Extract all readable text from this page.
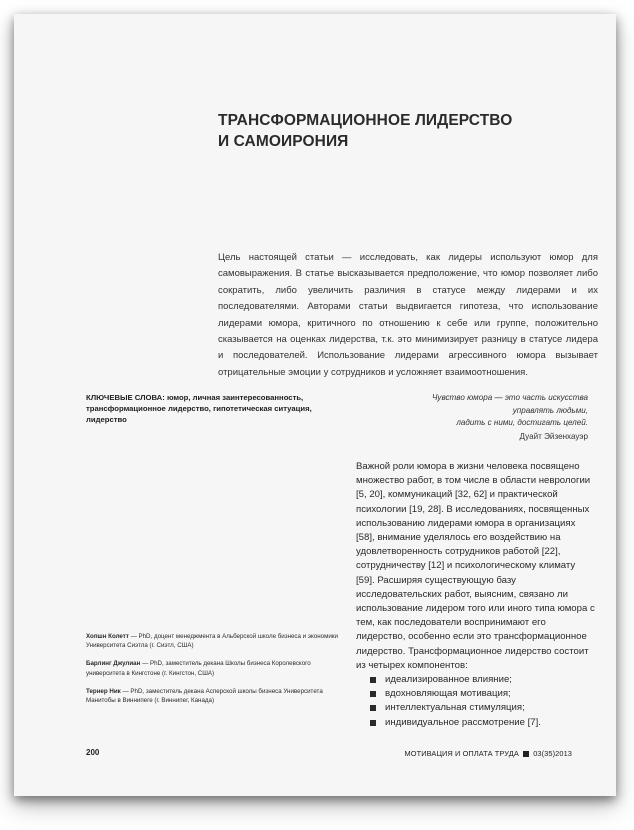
ТРАНСФОРМАЦИОННОЕ ЛИДЕРСТВО
И САМОИРОНИЯ
Цель настоящей статьи — исследовать, как лидеры используют юмор для самовыражения. В статье высказывается предположение, что юмор позволяет либо сократить, либо увеличить различия в статусе между лидерами и их последователями. Авторами статьи выдвигается гипотеза, что использование лидерами юмора, критичного по отношению к себе или группе, положительно сказывается на оценках лидерства, т.к. это минимизирует разницу в статусе лидера и последователей. Использование лидерами агрессивного юмора вызывает отрицательные эмоции у сотрудников и усложняет взаимоотношения.
КЛЮЧЕВЫЕ СЛОВА: юмор, личная заинтересованность, трансформационное лидерство, гипотетическая ситуация, лидерство
Чувство юмора — это часть искусства
управлять людьми,
ладить с ними, достигать целей.
Дуайт Эйзенхауэр
Важной роли юмора в жизни человека посвящено множество работ, в том числе в области неврологии [5, 20], коммуникаций [32, 62] и практической психологии [19, 28]. В исследованиях, посвященных использованию лидерами юмора в организациях [58], внимание уделялось его воздействию на удовлетворенность сотрудников работой [22], сотрудничеству [12] и психологическому климату [59]. Расширяя существующую базу исследовательских работ, выясним, связано ли использование лидером того или иного типа юмора с тем, как последователи воспринимают его лидерство, особенно если это трансформационное лидерство. Трансформационное лидерство состоит из четырех компонентов:
идеализированное влияние;
вдохновляющая мотивация;
интеллектуальная стимуляция;
индивидуальное рассмотрение [7].
Хопшн Колетт — PhD, доцент менеджмента в Альберской школе бизнеса и экономики Университета Сиэтла (г. Сиэтл, США)
Барлинг Джулиан — PhD, заместитель декана Школы бизнеса Королевского университета в Кингстоне (г. Кингстон, США)
Тернер Ник — PhD, заместитель декана Асперской школы бизнеса Университета Манитобы в Виннипеге (г. Виннипег, Канада)
200	МОТИВАЦИЯ И ОПЛАТА ТРУДА 03(35)2013
